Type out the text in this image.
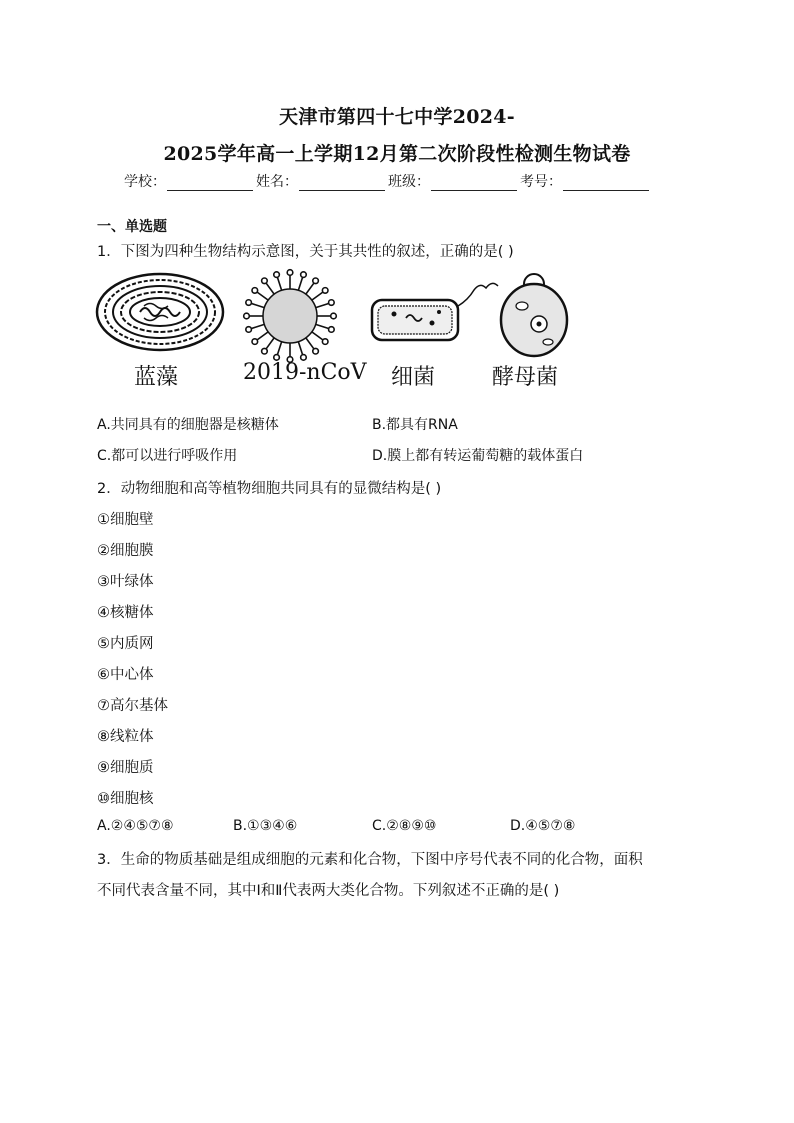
天津市第四十七中学2024-
2025学年高一上学期12月第二次阶段性检测生物试卷
学校：	姓名：	班级：	考号：
一、单选题
1．下图为四种生物结构示意图，关于其共性的叙述，正确的是( )
蓝藻	2019-nCoV 细菌	酵母菌
A.共同具有的细胞器是核糖体	B.都具有RNA
C.都可以进行呼吸作用	D.膜上都有转运葡萄糖的载体蛋白
2．动物细胞和高等植物细胞共同具有的显微结构是( )
①细胞壁
②细胞膜
③叶绿体
④核糖体
⑤内质网
⑥中心体
⑦高尔基体
⑧线粒体
⑨细胞质
⑩细胞核
A.②④⑤⑦⑧	B.①③④⑥	C.②⑧⑨⑩	D.④⑤⑦⑧
3．生命的物质基础是组成细胞的元素和化合物，下图中序号代表不同的化合物，面积
不同代表含量不同，其中Ⅰ和Ⅱ代表两大类化合物。下列叙述不正确的是( )
